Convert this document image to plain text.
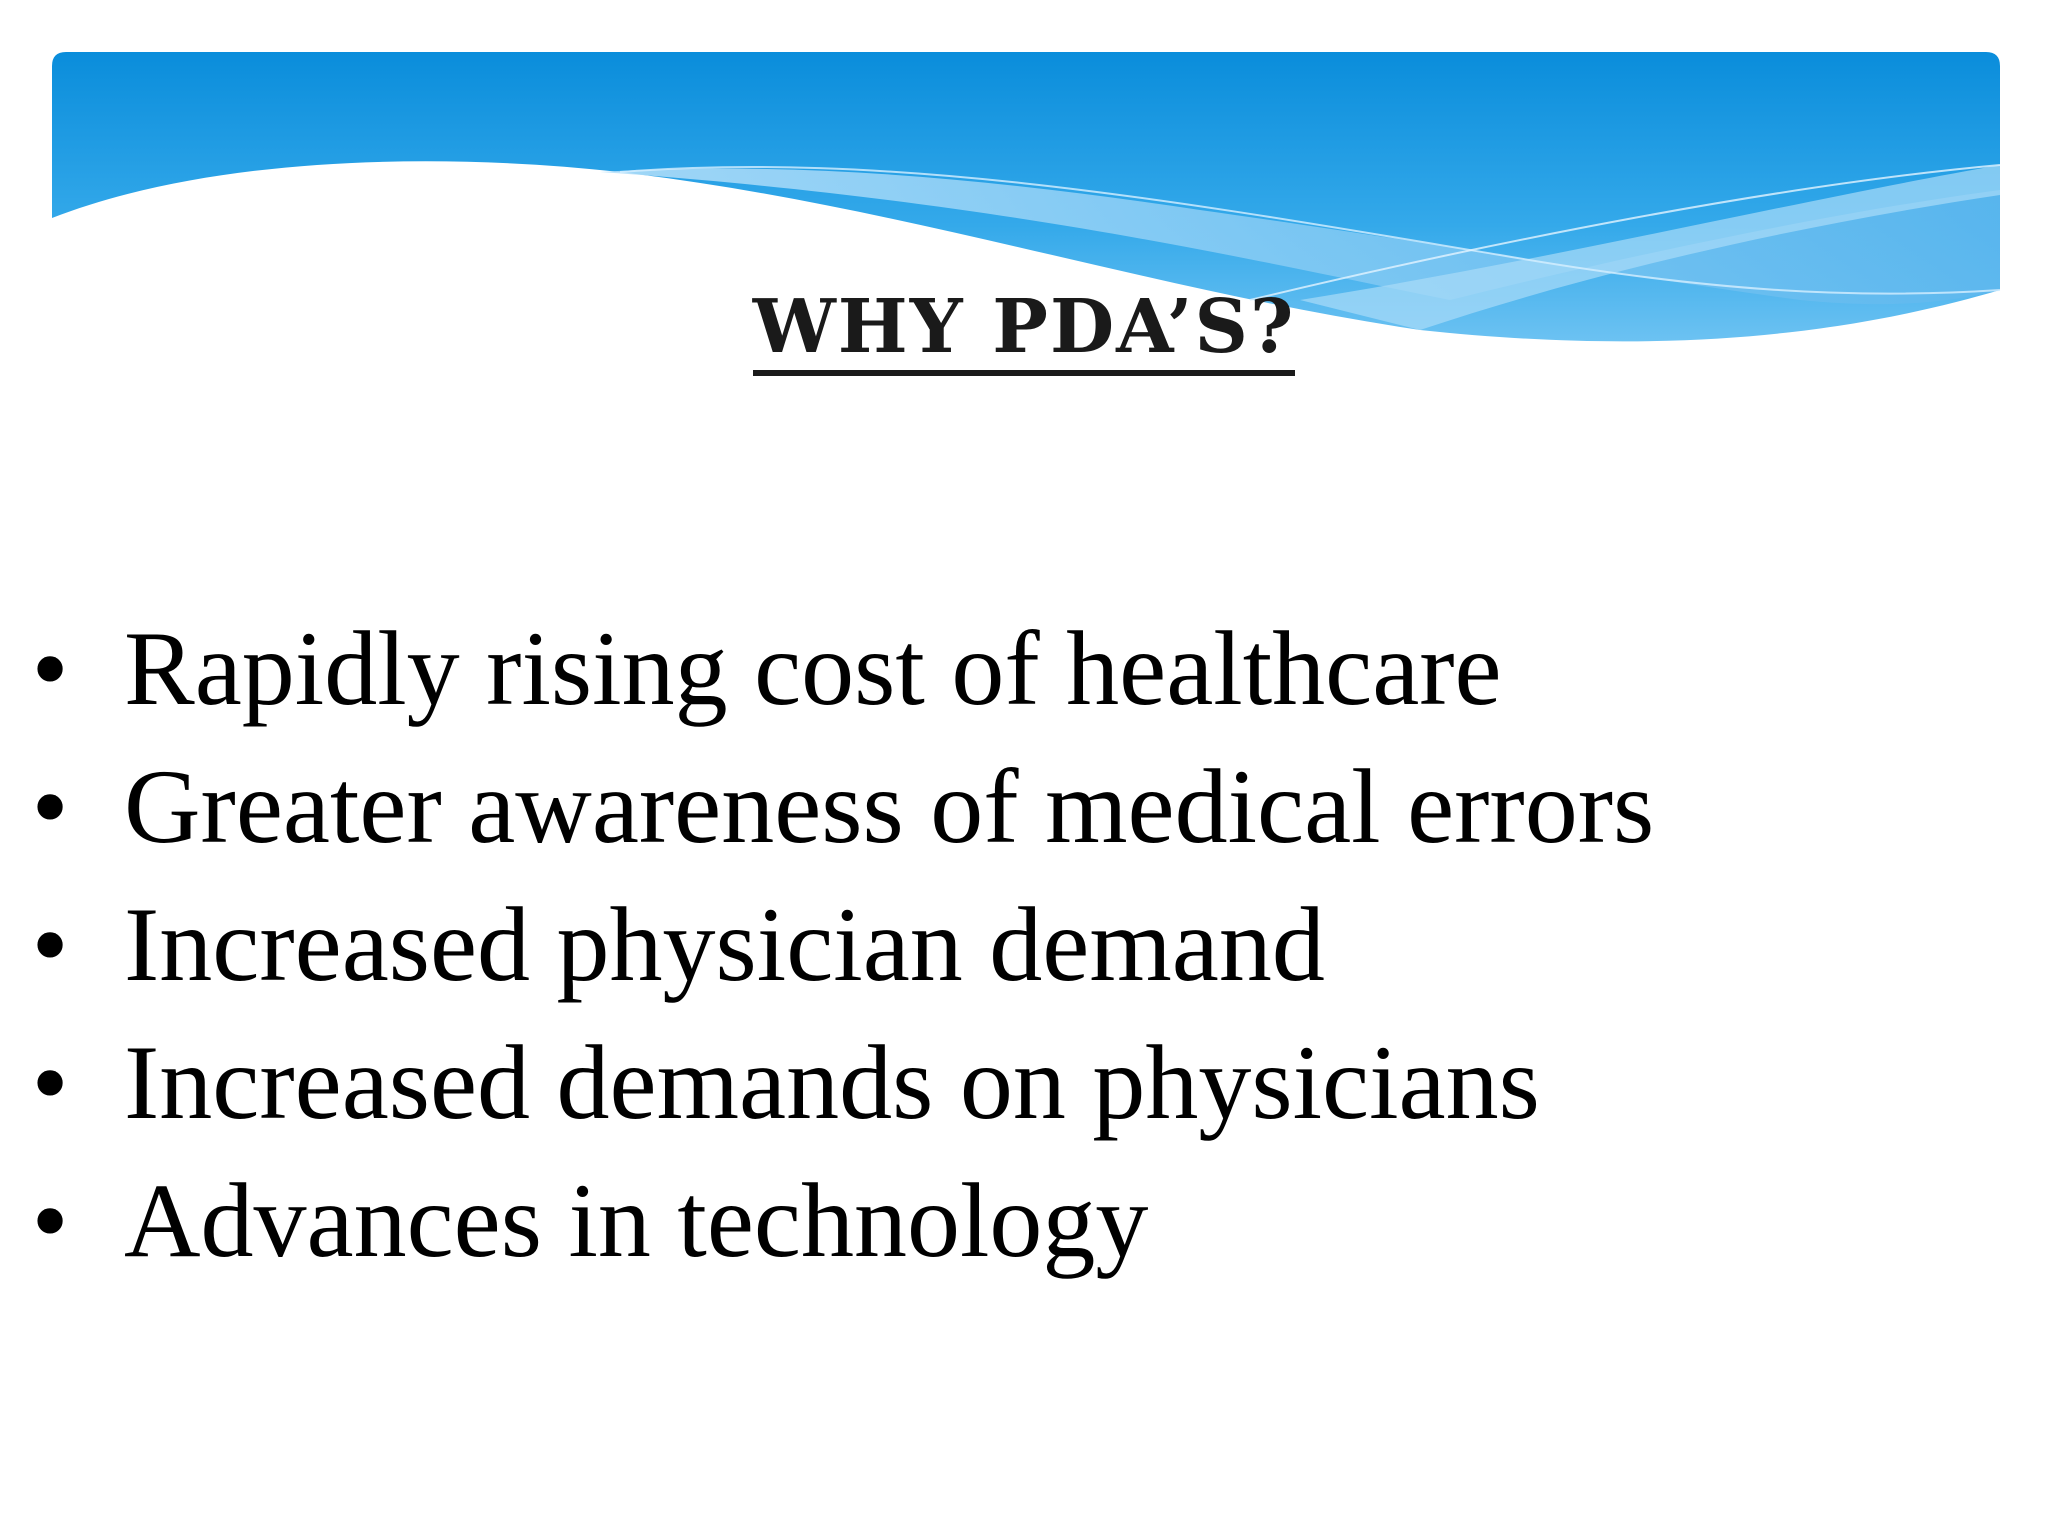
WHY PDA’S?
• Rapidly rising cost of healthcare
• Greater awareness of medical errors
• Increased physician demand
• Increased demands on physicians
• Advances in technology
